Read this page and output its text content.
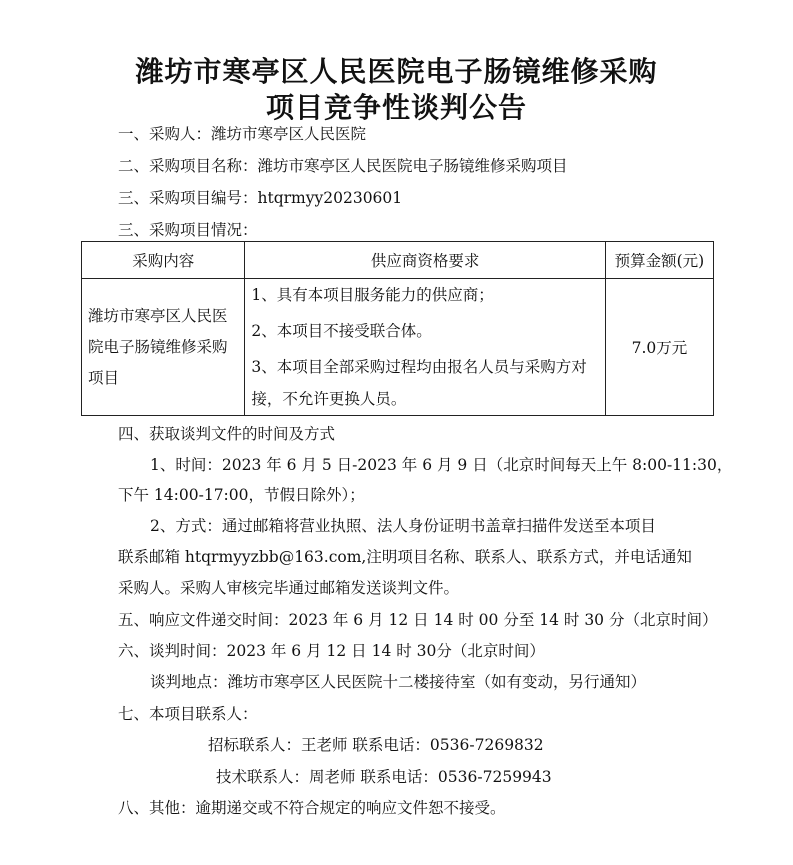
潍坊市寒亭区人民医院电子肠镜维修采购
项目竞争性谈判公告
一、采购人：潍坊市寒亭区人民医院
二、采购项目名称：潍坊市寒亭区人民医院电子肠镜维修采购项目
三、采购项目编号：htqrmyy20230601
三、采购项目情况：
采购内容	供应商资格要求	预算金额(元)
潍坊市寒亭区人民医院电子肠镜维修采购项目	1、具有本项目服务能力的供应商；
2、本项目不接受联合体。
3、本项目全部采购过程均由报名人员与采购方对
接，不允许更换人员。	7.0万元
四、获取谈判文件的时间及方式
1、时间：2023 年 6 月 5 日-2023 年 6 月 9 日（北京时间每天上午 8:00-11:30，
下午 14:00-17:00，节假日除外）；
2、方式：通过邮箱将营业执照、法人身份证明书盖章扫描件发送至本项目
联系邮箱 htqrmyyzbb@163.com,注明项目名称、联系人、联系方式，并电话通知
采购人。采购人审核完毕通过邮箱发送谈判文件。
五、响应文件递交时间：2023 年 6 月 12 日 14 时 00 分至 14 时 30 分（北京时间）
六、谈判时间：2023 年 6 月 12 日 14 时 30分（北京时间）
谈判地点：潍坊市寒亭区人民医院十二楼接待室（如有变动，另行通知）
七、本项目联系人：
招标联系人：王老师 联系电话：0536-7269832
技术联系人：周老师 联系电话：0536-7259943
八、其他：逾期递交或不符合规定的响应文件恕不接受。
